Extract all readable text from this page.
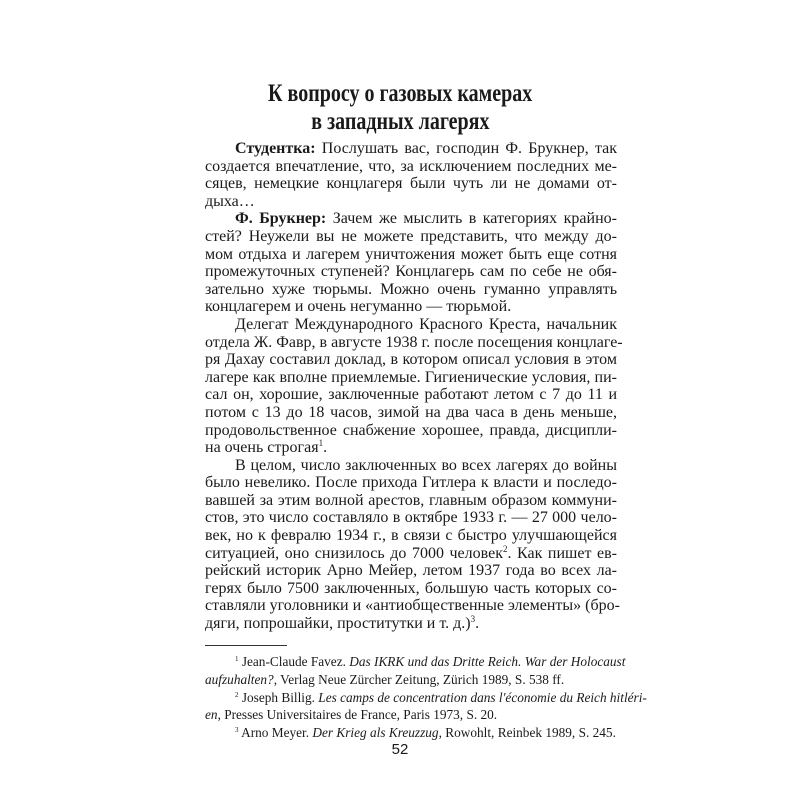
К вопросу о газовых камерах
в западных лагерях
Студентка: Послушать вас, господин Ф. Брукнер, так
создается впечатление, что, за исключением последних ме-
сяцев, немецкие концлагеря были чуть ли не домами от-
дыха…
Ф. Брукнер: Зачем же мыслить в категориях крайно-
стей? Неужели вы не можете представить, что между до-
мом отдыха и лагерем уничтожения может быть еще сотня
промежуточных ступеней? Концлагерь сам по себе не обя-
зательно хуже тюрьмы. Можно очень гуманно управлять
концлагерем и очень негуманно — тюрьмой.
Делегат Международного Красного Креста, начальник
отдела Ж. Фавр, в августе 1938 г. после посещения концлаге-
ря Дахау составил доклад, в котором описал условия в этом
лагере как вполне приемлемые. Гигиенические условия, пи-
сал он, хорошие, заключенные работают летом с 7 до 11 и
потом с 13 до 18 часов, зимой на два часа в день меньше,
продовольственное снабжение хорошее, правда, дисципли-
на очень строгая$^1$.
В целом, число заключенных во всех лагерях до войны
было невелико. После прихода Гитлера к власти и последо-
вавшей за этим волной арестов, главным образом коммуни-
стов, это число составляло в октябре 1933 г. — 27 000 чело-
век, но к февралю 1934 г., в связи с быстро улучшающейся
ситуацией, оно снизилось до 7000 человек$^2$. Как пишет ев-
рейский историк Арно Мейер, летом 1937 года во всех ла-
герях было 7500 заключенных, большую часть которых со-
ставляли уголовники и «антиобщественные элементы» (бро-
дяги, попрошайки, проститутки и т. д.)$^3$.
$^1$ Jean-Claude Favez. Das IKRK und das Dritte Reich. War der Holocaust
aufzuhalten?, Verlag Neue Zürcher Zeitung, Zürich 1989, S. 538 ff.
$^2$ Joseph Billig. Les camps de concentration dans l'économie du Reich hitléri-
en, Presses Universitaires de France, Paris 1973, S. 20.
$^3$ Arno Meyer. Der Krieg als Kreuzzug, Rowohlt, Reinbek 1989, S. 245.
52
